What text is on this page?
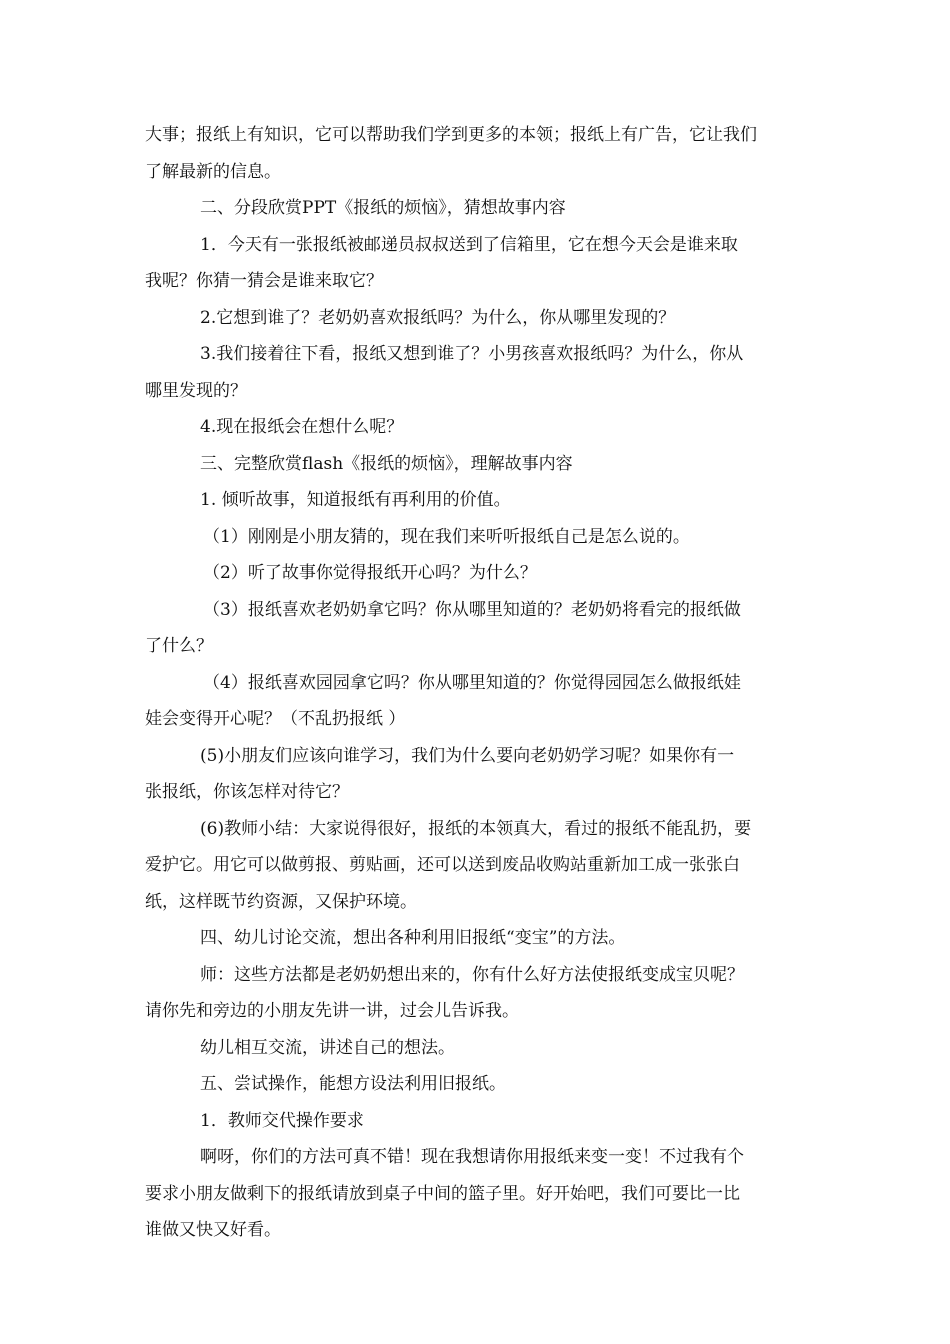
大事；报纸上有知识，它可以帮助我们学到更多的本领；报纸上有广告，它让我们
了解最新的信息。
二、分段欣赏PPT《报纸的烦恼》，猜想故事内容
1．今天有一张报纸被邮递员叔叔送到了信箱里，它在想今天会是谁来取
我呢？你猜一猜会是谁来取它？
2.它想到谁了？老奶奶喜欢报纸吗？为什么，你从哪里发现的？
3.我们接着往下看，报纸又想到谁了？小男孩喜欢报纸吗？为什么，你从
哪里发现的？
4.现在报纸会在想什么呢？
三、完整欣赏flash《报纸的烦恼》，理解故事内容
1. 倾听故事，知道报纸有再利用的价值。
（1）刚刚是小朋友猜的，现在我们来听听报纸自己是怎么说的。
（2）听了故事你觉得报纸开心吗？为什么？
（3）报纸喜欢老奶奶拿它吗？你从哪里知道的？老奶奶将看完的报纸做
了什么？
（4）报纸喜欢园园拿它吗？你从哪里知道的？你觉得园园怎么做报纸娃
娃会变得开心呢？（不乱扔报纸 ）
(5)小朋友们应该向谁学习，我们为什么要向老奶奶学习呢？如果你有一
张报纸，你该怎样对待它？
(6)教师小结：大家说得很好，报纸的本领真大，看过的报纸不能乱扔，要
爱护它。用它可以做剪报、剪贴画，还可以送到废品收购站重新加工成一张张白
纸，这样既节约资源，又保护环境。
四、幼儿讨论交流，想出各种利用旧报纸“变宝”的方法。
师：这些方法都是老奶奶想出来的，你有什么好方法使报纸变成宝贝呢？
请你先和旁边的小朋友先讲一讲，过会儿告诉我。
幼儿相互交流，讲述自己的想法。
五、尝试操作，能想方设法利用旧报纸。
1．教师交代操作要求
啊呀，你们的方法可真不错！现在我想请你用报纸来变一变！不过我有个
要求小朋友做剩下的报纸请放到桌子中间的篮子里。好开始吧，我们可要比一比
谁做又快又好看。
